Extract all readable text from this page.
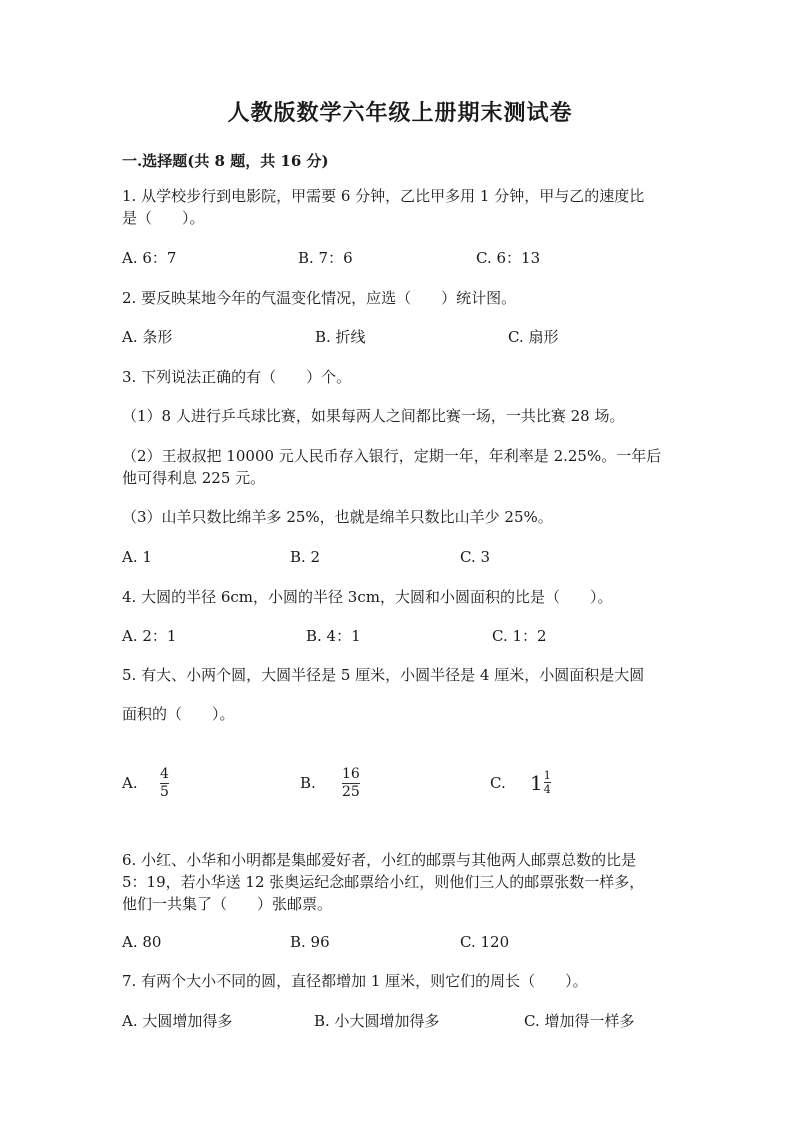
人教版数学六年级上册期末测试卷
一.选择题(共 8 题，共 16 分)
1. 从学校步行到电影院，甲需要 6 分钟，乙比甲多用 1 分钟，甲与乙的速度比
是（　　）。
A. 6：7	B. 7：6	C. 6：13
2. 要反映某地今年的气温变化情况，应选（　　）统计图。
A. 条形	B. 折线	C. 扇形
3. 下列说法正确的有（　　）个。
（1）8 人进行乒乓球比赛，如果每两人之间都比赛一场，一共比赛 28 场。
（2）王叔叔把 10000 元人民币存入银行，定期一年，年利率是 2.25%。一年后
他可得利息 225 元。
（3）山羊只数比绵羊多 25%，也就是绵羊只数比山羊少 25%。
A. 1	B. 2	C. 3
4. 大圆的半径 6cm，小圆的半径 3cm，大圆和小圆面积的比是（　　）。
A. 2：1	B. 4：1	C. 1：2
5. 有大、小两个圆，大圆半径是 5 厘米，小圆半径是 4 厘米，小圆面积是大圆
面积的（　　）。
A. 4
5	B. 16
25	C. $1 \frac{1}{4}$
6. 小红、小华和小明都是集邮爱好者，小红的邮票与其他两人邮票总数的比是
5：19，若小华送 12 张奥运纪念邮票给小红，则他们三人的邮票张数一样多，
他们一共集了（　　）张邮票。
A. 80	B. 96	C. 120
7. 有两个大小不同的圆，直径都增加 1 厘米，则它们的周长（　　）。
A. 大圆增加得多	B. 小大圆增加得多	C. 增加得一样多
